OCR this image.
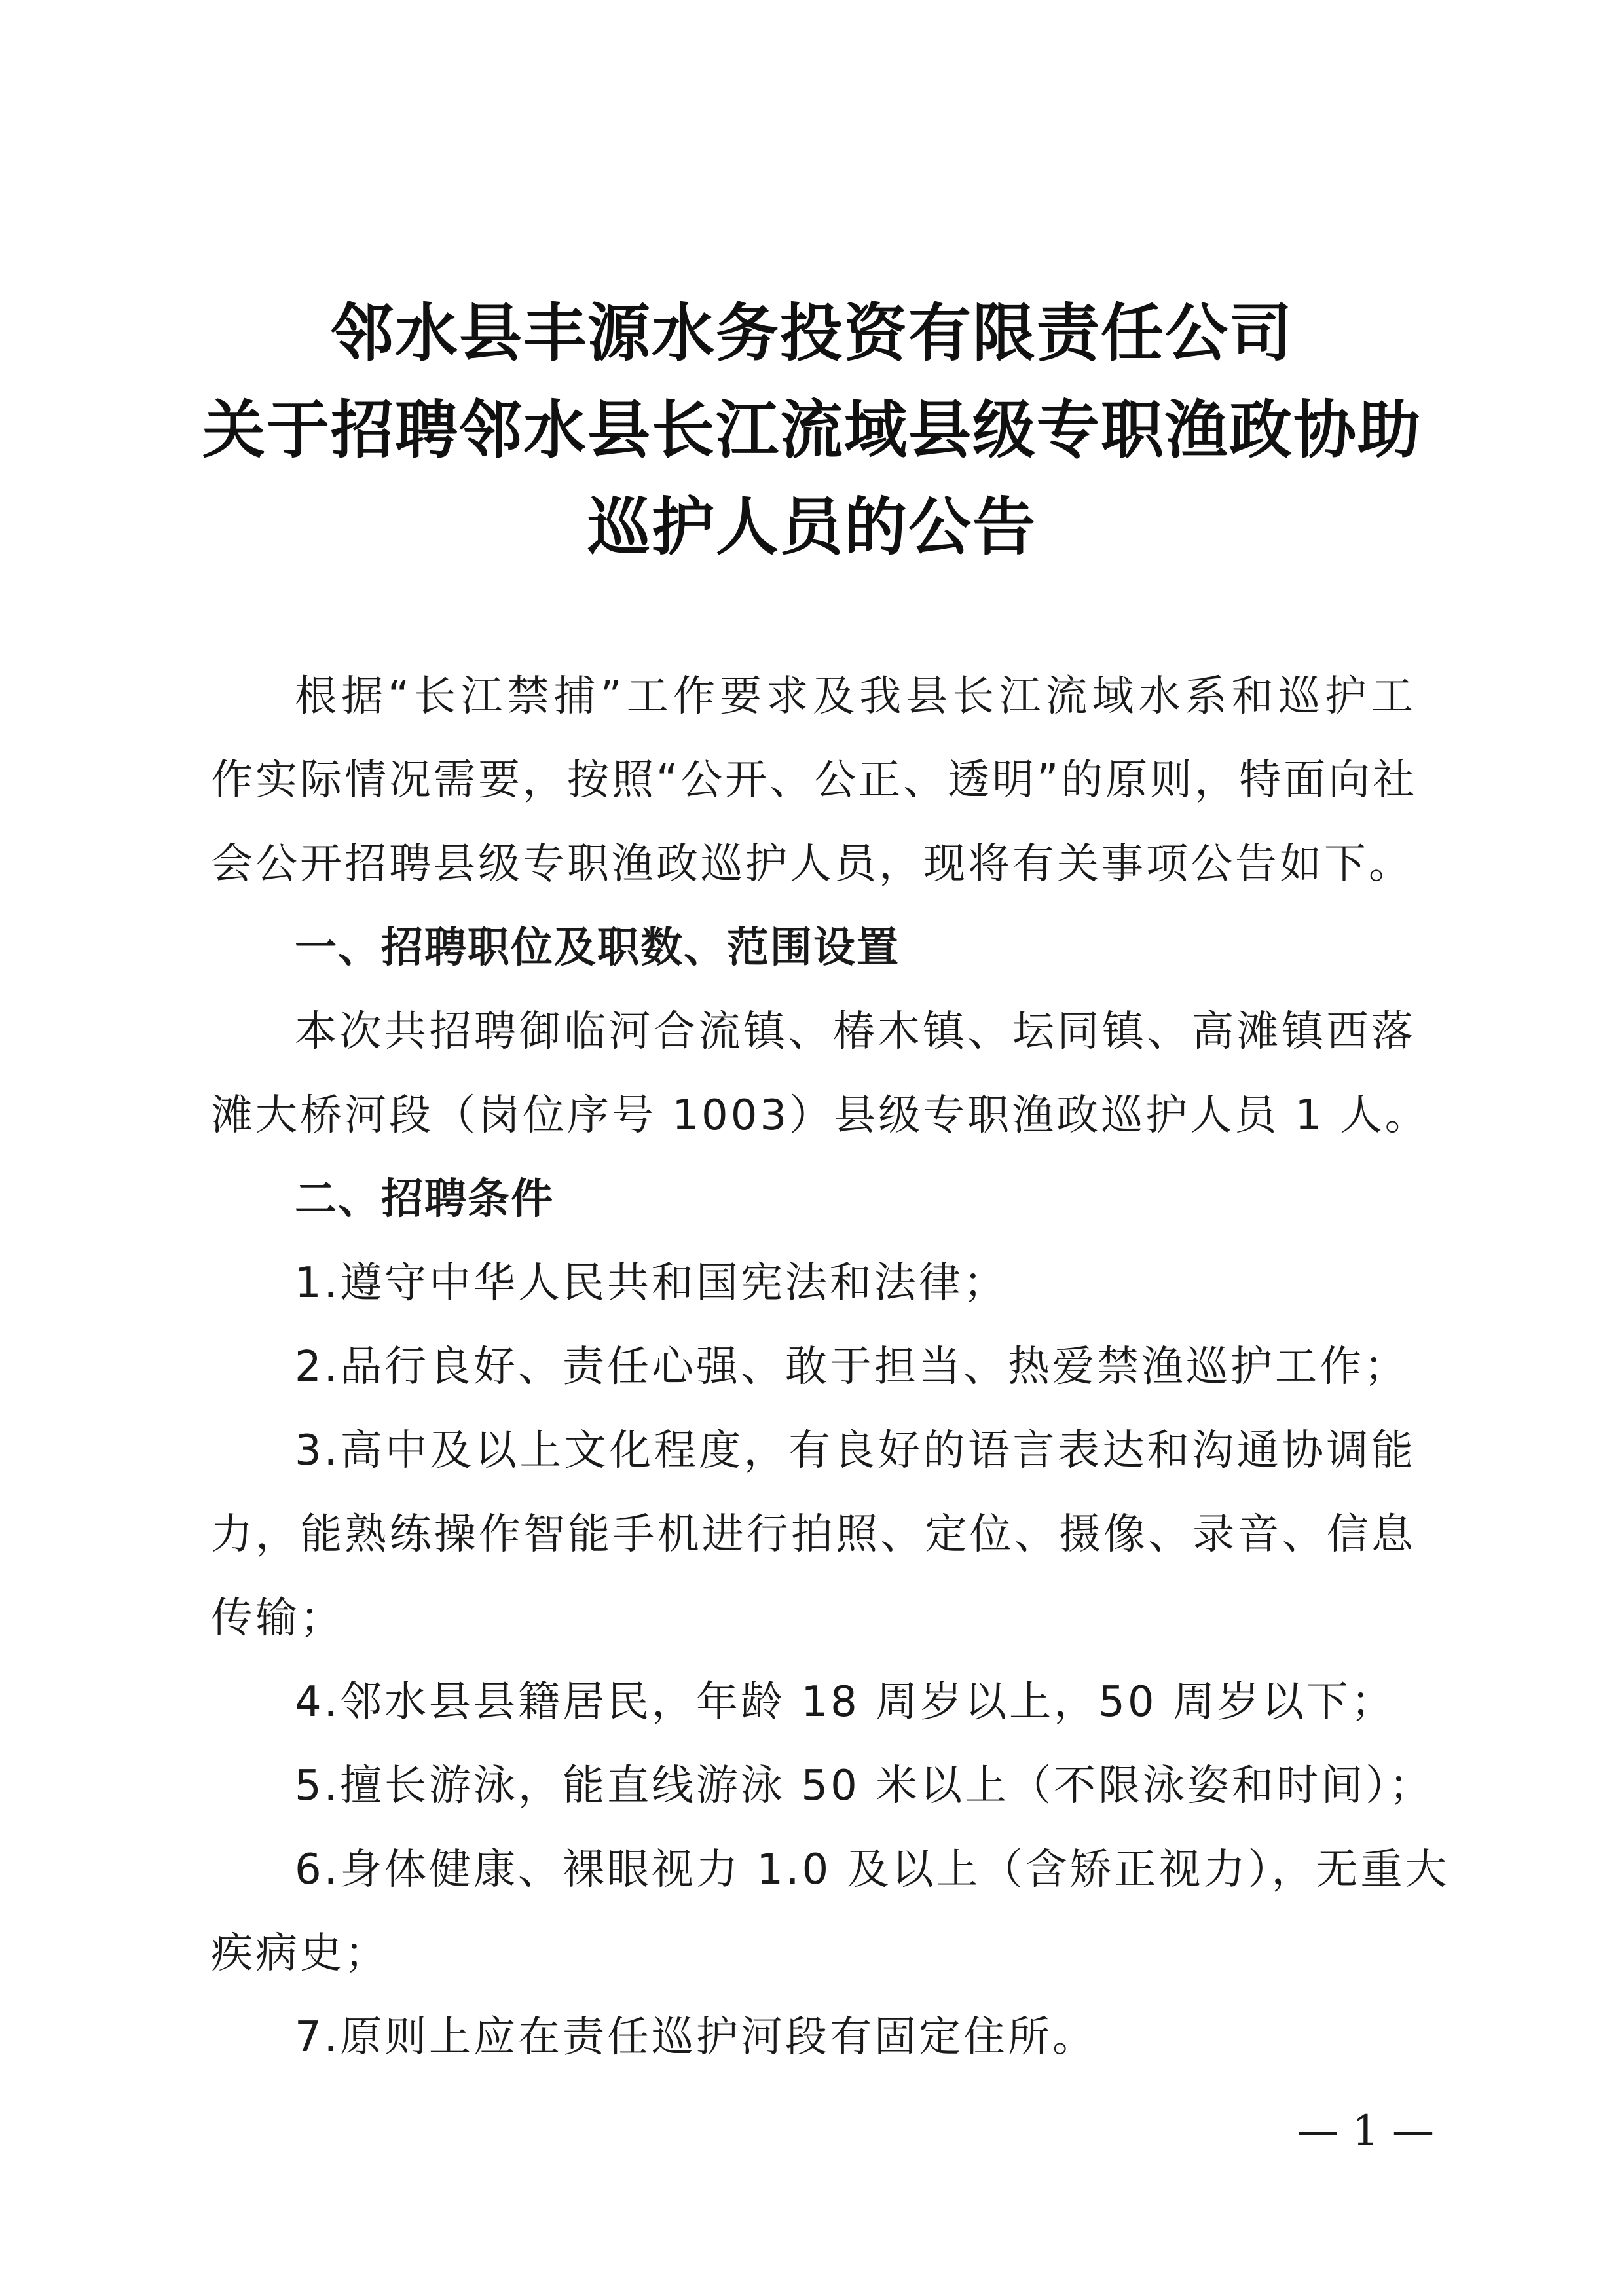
邻水县丰源水务投资有限责任公司
关于招聘邻水县长江流域县级专职渔政协助
巡护人员的公告
根据“长江禁捕”工作要求及我县长江流域水系和巡护工
作实际情况需要，按照“公开、公正、透明”的原则，特面向社
会公开招聘县级专职渔政巡护人员，现将有关事项公告如下。
一、招聘职位及职数、范围设置
本次共招聘御临河合流镇、椿木镇、坛同镇、高滩镇西落
滩大桥河段（岗位序号 1003）县级专职渔政巡护人员 1 人。
二、招聘条件
1.遵守中华人民共和国宪法和法律；
2.品行良好、责任心强、敢于担当、热爱禁渔巡护工作；
3.高中及以上文化程度，有良好的语言表达和沟通协调能
力，能熟练操作智能手机进行拍照、定位、摄像、录音、信息
传输；
4.邻水县县籍居民，年龄 18 周岁以上，50 周岁以下；
5.擅长游泳，能直线游泳 50 米以上（不限泳姿和时间）；
6.身体健康、裸眼视力 1.0 及以上（含矫正视力），无重大
疾病史；
7.原则上应在责任巡护河段有固定住所。
— 1 —
